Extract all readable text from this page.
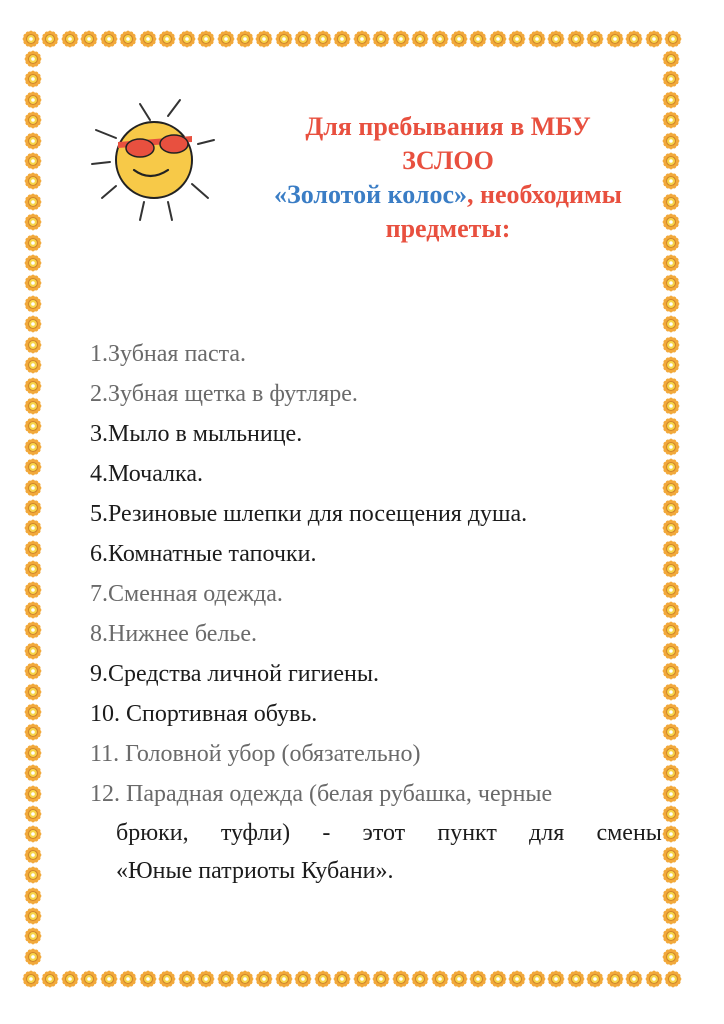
Для пребывания в МБУ
ЗСЛОО
«Золотой колос», необходимы
предметы:
1.Зубная паста.
2.Зубная щетка в футляре.
3.Мыло в мыльнице.
4.Мочалка.
5.Резиновые шлепки для посещения душа.
6.Комнатные тапочки.
7.Сменная одежда.
8.Нижнее белье.
9.Средства личной гигиены.
10. Спортивная обувь.
11. Головной убор (обязательно)
12. Парадная одежда (белая рубашка, черные
брюки, туфли) - этот пункт для смены
«Юные патриоты Кубани».
